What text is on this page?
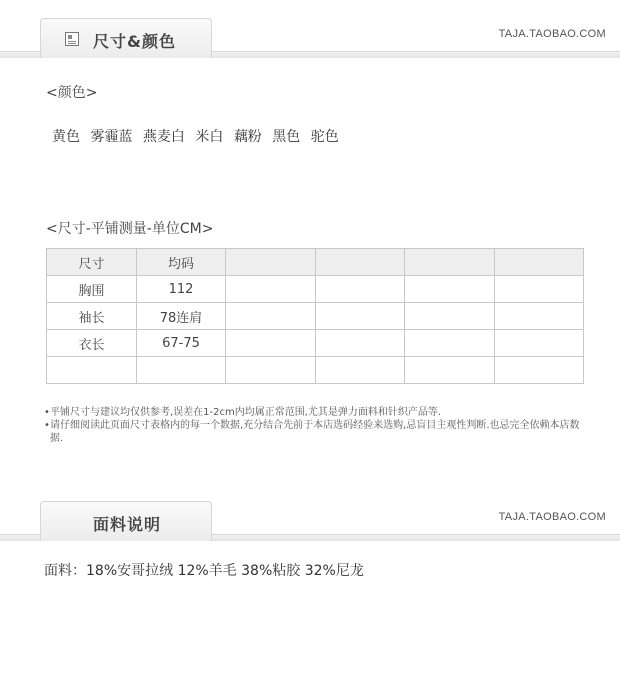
尺寸&颜色	TAJA.TAOBAO.COM
<颜色>
黄色 雾霾蓝 燕麦白 米白 藕粉 黑色 驼色
<尺寸-平铺测量-单位CM>
尺寸	均码				
胸围	112				
袖长	78连肩				
衣长	67-75				

• 平铺尺寸与建议均仅供参考,误差在1-2cm内均属正常范围,尤其是弹力面料和针织产品等.
• 请仔细阅读此页面尺寸表格内的每一个数据,充分结合先前于本店选码经验来选购,忌盲目主观性判断.也忌完全依赖本店数据.
面料说明	TAJA.TAOBAO.COM
面料：18%安哥拉绒 12%羊毛 38%粘胶 32%尼龙
